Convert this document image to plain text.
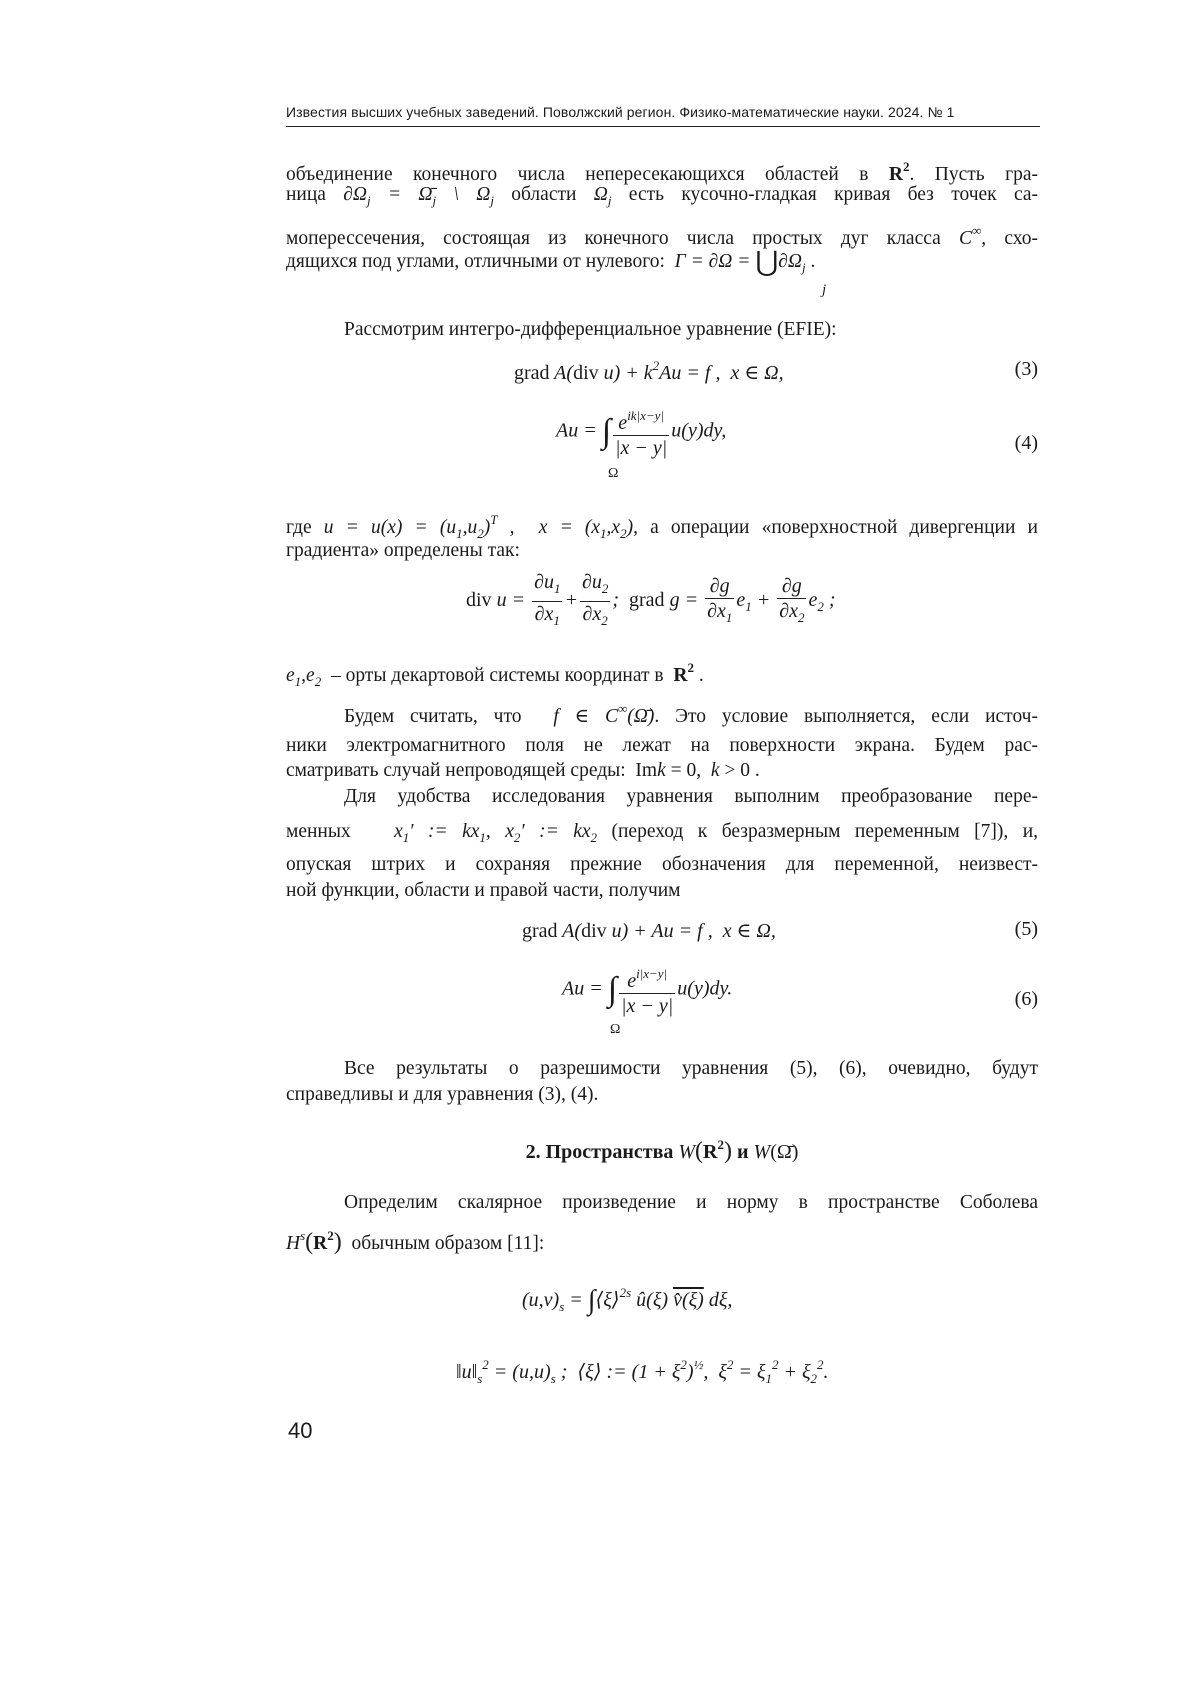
Известия высших учебных заведений. Поволжский регион. Физико-математические науки. 2024. № 1
объединение конечного числа непересекающихся областей в $R^2$. Пусть гра-
ница $\partial\Omega_j$ = $\Omegā_j$ \ $\Omega_j$ области $\Omega_j$ есть кусочно-гладкая кривая без точек са-
моперессечения, состоящая из конечного числа простых дуг класса C∞, схо-
дящихся под углами, отличными от нулевого: $\Gamma = \partial\Omega = ⋃\partial\Omega_j$ .
j
Рассмотрим интегро-дифференциальное уравнение (EFIE):
grad A(div $u) + k^2Au = f$ ,  x ∈ Ω,	(3)
Au = ∫ $\frac{e^{ik|x-y|}}{|x - y|} u(y)dy$,
Ω
(4)
где $u = u(x) = (u_1,u_2)^T$ ,  $x = (x_1,x_2)$, а операции «поверхностной дивергенции и
градиента» определены так:
div $u = \frac{\partial u_1}{\partial x_1} + \frac{\partial u_2}{\partial x_2}$ ;  grad $g = \frac{\partial g}{\partial x_1} e_1 + \frac{\partial g}{\partial x_2} e_2$ ;
$e_1,e_2$ – орты декартовой системы координат в $R^2$ .
Будем считать, что f ∈ C∞(Ω̄). Это условие выполняется, если источ-
ники электромагнитного поля не лежат на поверхности экрана. Будем рас-
сматривать случай непроводящей среды:  Imk = 0,  k > 0 .
Для удобства исследования уравнения выполним преобразование пере-
менных $x_1'$ := $kx_1$, $x_2'$ := $kx_2$ (переход к безразмерным переменным [7]), и,
опуская штрих и сохраняя прежние обозначения для переменной, неизвест-
ной функции, области и правой части, получим
grad A(div u) + Au = f ,  x ∈ Ω,	(5)
Au = ∫ $\frac{e^{i|x-y|}}{|x - y|} u(y)dy$.
Ω
(6)
Все результаты о разрешимости уравнения (5), (6), очевидно, будут
справедливы и для уравнения (3), (4).
2. Пространства $W(R^2)$ и W(Ω̄)
Определим скалярное произведение и норму в пространстве Соболева
$H^s(R^2)$ обычным образом [11]:
$(u,v)_s$ = ∫⟨ξ⟩$^{2s}$ û(ξ) v̂(ξ) dξ,
$‖u‖_s^2 = (u,u)_s$ ;  ⟨ξ⟩ := $(1 + \xi^2)^{\frac{1}{2}}$,  $\xi^2 = \xi_1^2 + \xi_2^2$.
40
